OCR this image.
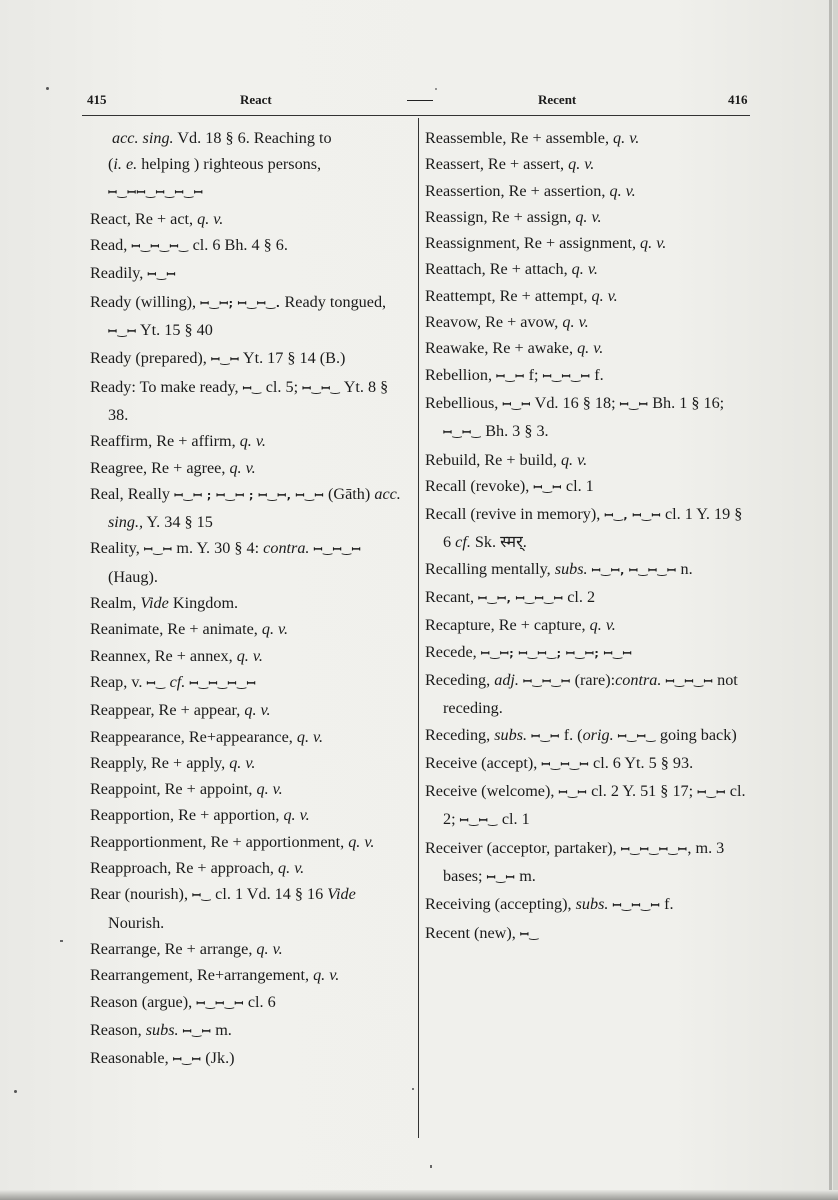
415	React	Recent	416
acc. sing. Vd. 18 § 6. Reaching to
(i. e. helping ) righteous persons,
ꟷ‿ꟷꟷ‿ꟷ‿ꟷ‿ꟷ
React, Re + act, q. v.
Read, ꟷ‿ꟷ‿ꟷ‿ cl. 6 Bh. 4 § 6.
Readily, ꟷ‿ꟷ
Ready (willing), ꟷ‿ꟷ; ꟷ‿ꟷ‿. Ready tongued, ꟷ‿ꟷ Yt. 15 § 40
Ready (prepared), ꟷ‿ꟷ Yt. 17 § 14 (B.)
Ready: To make ready, ꟷ‿ cl. 5; ꟷ‿ꟷ‿ Yt. 8 § 38.
Reaffirm, Re + affirm, q. v.
Reagree, Re + agree, q. v.
Real, Really ꟷ‿ꟷ ; ꟷ‿ꟷ ; ꟷ‿ꟷ, ꟷ‿ꟷ (Gāth) acc. sing., Y. 34 § 15
Reality, ꟷ‿ꟷ m. Y. 30 § 4: contra. ꟷ‿ꟷ‿ꟷ (Haug).
Realm, Vide Kingdom.
Reanimate, Re + animate, q. v.
Reannex, Re + annex, q. v.
Reap, v. ꟷ‿ cf. ꟷ‿ꟷ‿ꟷ‿ꟷ
Reappear, Re + appear, q. v.
Reappearance, Re+appearance, q. v.
Reapply, Re + apply, q. v.
Reappoint, Re + appoint, q. v.
Reapportion, Re + apportion, q. v.
Reapportionment, Re + apportionment, q. v.
Reapproach, Re + approach, q. v.
Rear (nourish), ꟷ‿ cl. 1 Vd. 14 § 16 Vide Nourish.
Rearrange, Re + arrange, q. v.
Rearrangement, Re+arrangement, q. v.
Reason (argue), ꟷ‿ꟷ‿ꟷ cl. 6
Reason, subs. ꟷ‿ꟷ m.
Reasonable, ꟷ‿ꟷ (Jk.)
Reassemble, Re + assemble, q. v.
Reassert, Re + assert, q. v.
Reassertion, Re + assertion, q. v.
Reassign, Re + assign, q. v.
Reassignment, Re + assignment, q. v.
Reattach, Re + attach, q. v.
Reattempt, Re + attempt, q. v.
Reavow, Re + avow, q. v.
Reawake, Re + awake, q. v.
Rebellion, ꟷ‿ꟷ f; ꟷ‿ꟷ‿ꟷ f.
Rebellious, ꟷ‿ꟷ Vd. 16 § 18; ꟷ‿ꟷ Bh. 1 § 16; ꟷ‿ꟷ‿ Bh. 3 § 3.
Rebuild, Re + build, q. v.
Recall (revoke), ꟷ‿ꟷ cl. 1
Recall (revive in memory), ꟷ‿, ꟷ‿ꟷ cl. 1 Y. 19 § 6 cf. Sk. स्मर्.
Recalling mentally, subs. ꟷ‿ꟷ, ꟷ‿ꟷ‿ꟷ n.
Recant, ꟷ‿ꟷ, ꟷ‿ꟷ‿ꟷ cl. 2
Recapture, Re + capture, q. v.
Recede, ꟷ‿ꟷ; ꟷ‿ꟷ‿; ꟷ‿ꟷ; ꟷ‿ꟷ
Receding, adj. ꟷ‿ꟷ‿ꟷ (rare):contra. ꟷ‿ꟷ‿ꟷ not receding.
Receding, subs. ꟷ‿ꟷ f. (orig. ꟷ‿ꟷ‿ going back)
Receive (accept), ꟷ‿ꟷ‿ꟷ cl. 6 Yt. 5 § 93.
Receive (welcome), ꟷ‿ꟷ cl. 2 Y. 51 § 17; ꟷ‿ꟷ cl. 2; ꟷ‿ꟷ‿ cl. 1
Receiver (acceptor, partaker), ꟷ‿ꟷ‿ꟷ‿ꟷ, m. 3 bases; ꟷ‿ꟷ m.
Receiving (accepting), subs. ꟷ‿ꟷ‿ꟷ f.
Recent (new), ꟷ‿
